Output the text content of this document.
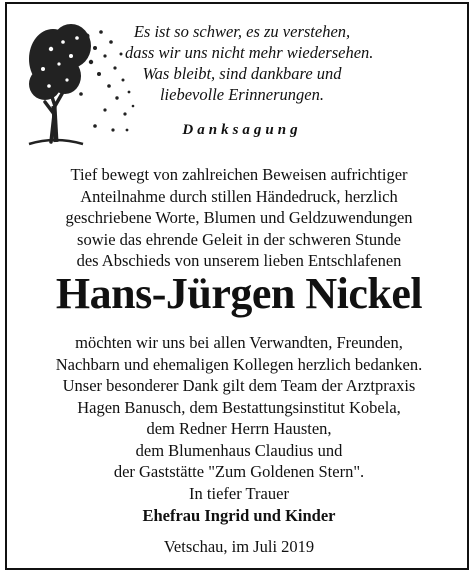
Es ist so schwer, es zu verstehen,
dass wir uns nicht mehr wiedersehen.
Was bleibt, sind dankbare und
liebevolle Erinnerungen.
Danksagung
Tief bewegt von zahlreichen Beweisen aufrichtiger
Anteilnahme durch stillen Händedruck, herzlich
geschriebene Worte, Blumen und Geldzuwendungen
sowie das ehrende Geleit in der schweren Stunde
des Abschieds von unserem lieben Entschlafenen
Hans-Jürgen Nickel
möchten wir uns bei allen Verwandten, Freunden,
Nachbarn und ehemaligen Kollegen herzlich bedanken.
Unser besonderer Dank gilt dem Team der Arztpraxis
Hagen Banusch, dem Bestattungsinstitut Kobela,
dem Redner Herrn Hausten,
dem Blumenhaus Claudius und
der Gaststätte "Zum Goldenen Stern".
In tiefer Trauer
Ehefrau Ingrid und Kinder
Vetschau, im Juli 2019
